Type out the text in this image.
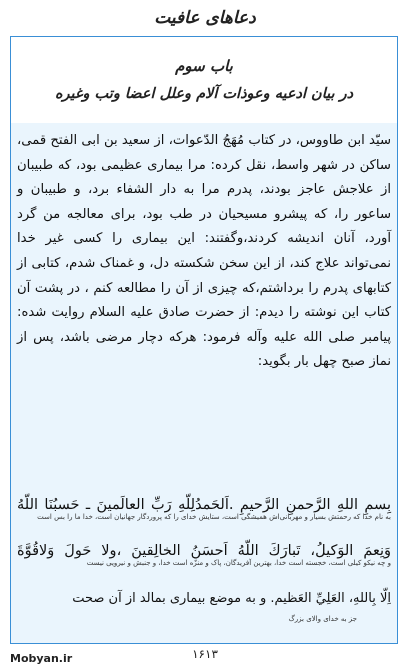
دعاهای عافیت
باب سوم
در بیان ادعیه وعوذات آلام وعلل اعضا وتب وغیره
سیّد ابن طاووس، در کتاب مُهَجُ الدّعوات، از سعید بن ابی الفتح قمی، ساکن در شهر واسط، نقل کرده: مرا بیماری عظیمی بود، که طبیبان از علاجش عاجز بودند، پدرم مرا به دار الشفاء برد، و طبیبان و ساعور را، که پیشرو مسیحیان در طب بود، برای معالجه من گرد آورد، آنان اندیشه کردند،وگفتند: این بیماری را کسی غیر خدا نمی‌تواند علاج کند، از این سخن شکسته دل، و غمناک شدم، کتابی از کتابهای پدرم را برداشتم،که چیزی از آن را مطالعه کنم ، در پشت آن کتاب این نوشته را دیدم: از حضرت صادق عليه السلام روایت شده: پیامبر صلى الله عليه وآله فرمود: هرکه دچار مرضی باشد، پس از نماز صبح چهل بار بگوید:
بِسمِ اللهِ الرَّحمنِ الرَّحيمِ .اَلحَمدُلِلّهِ رَبِّ العالَمينَ ـ حَسبُنَا اللّهُ
به نام خدا که رحمتش بسیار و مهربانی‌اش همیشگی است، ستایش خدای را که پروردگار جهانیان است، خدا ما را بس است
وَنِعمَ الوَكيلُ، تَبارَكَ اللّهُ اَحسَنُ الخالِقينَ ،ولا حَولَ وَلاقُوَّةَ
و چه نیکو کیلی است، خجسته است خدا، بهترین آفریدگان، پاک و منزّه است خدا، و جنبش و نیرویی نیست
اِلّا بِاللهِ، العَلِيِّ العَظيم. و به موضع بیماری بمالد از آن صحت
جز به خدای والای بزرگ
۱۶۱۳
Mobyan.ir
